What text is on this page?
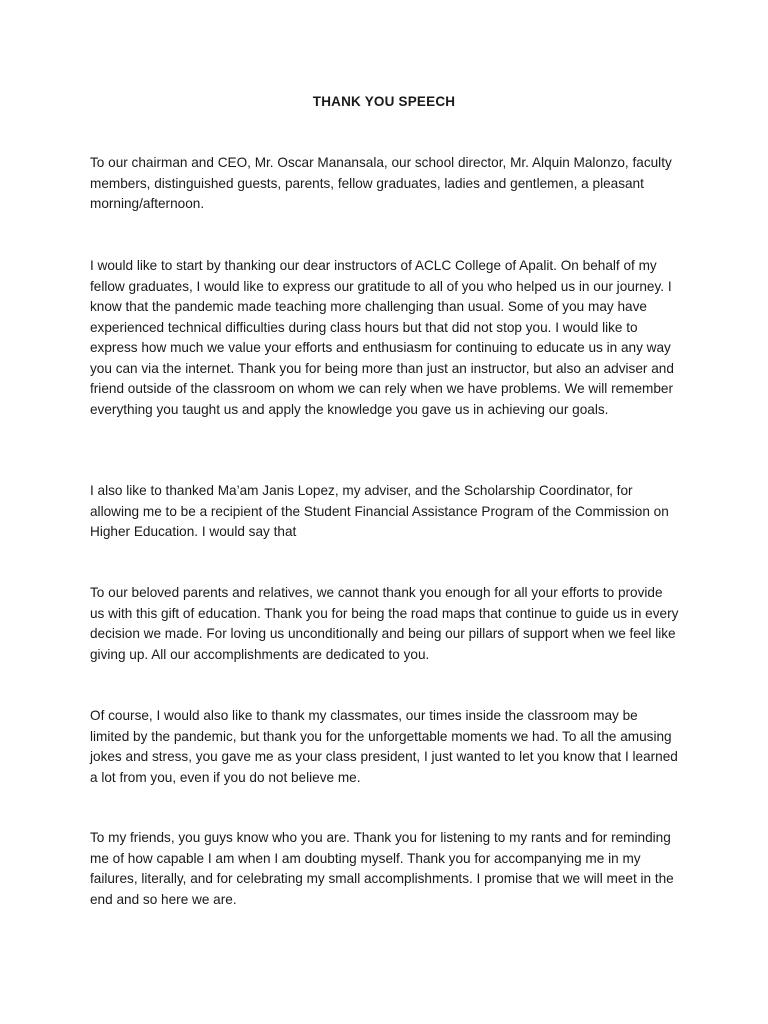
THANK YOU SPEECH

To our chairman and CEO, Mr. Oscar Manansala, our school director, Mr. Alquin Malonzo, faculty members, distinguished guests, parents, fellow graduates, ladies and gentlemen, a pleasant morning/afternoon.

I would like to start by thanking our dear instructors of ACLC College of Apalit. On behalf of my fellow graduates, I would like to express our gratitude to all of you who helped us in our journey. I know that the pandemic made teaching more challenging than usual. Some of you may have experienced technical difficulties during class hours but that did not stop you. I would like to express how much we value your efforts and enthusiasm for continuing to educate us in any way you can via the internet. Thank you for being more than just an instructor, but also an adviser and friend outside of the classroom on whom we can rely when we have problems. We will remember everything you taught us and apply the knowledge you gave us in achieving our goals.

I also like to thanked Ma’am Janis Lopez, my adviser, and the Scholarship Coordinator, for allowing me to be a recipient of the Student Financial Assistance Program of the Commission on Higher Education. I would say that

To our beloved parents and relatives, we cannot thank you enough for all your efforts to provide us with this gift of education. Thank you for being the road maps that continue to guide us in every decision we made. For loving us unconditionally and being our pillars of support when we feel like giving up. All our accomplishments are dedicated to you.

Of course, I would also like to thank my classmates, our times inside the classroom may be limited by the pandemic, but thank you for the unforgettable moments we had. To all the amusing jokes and stress, you gave me as your class president, I just wanted to let you know that I learned a lot from you, even if you do not believe me.

To my friends, you guys know who you are. Thank you for listening to my rants and for reminding me of how capable I am when I am doubting myself. Thank you for accompanying me in my failures, literally, and for celebrating my small accomplishments. I promise that we will meet in the end and so here we are.
